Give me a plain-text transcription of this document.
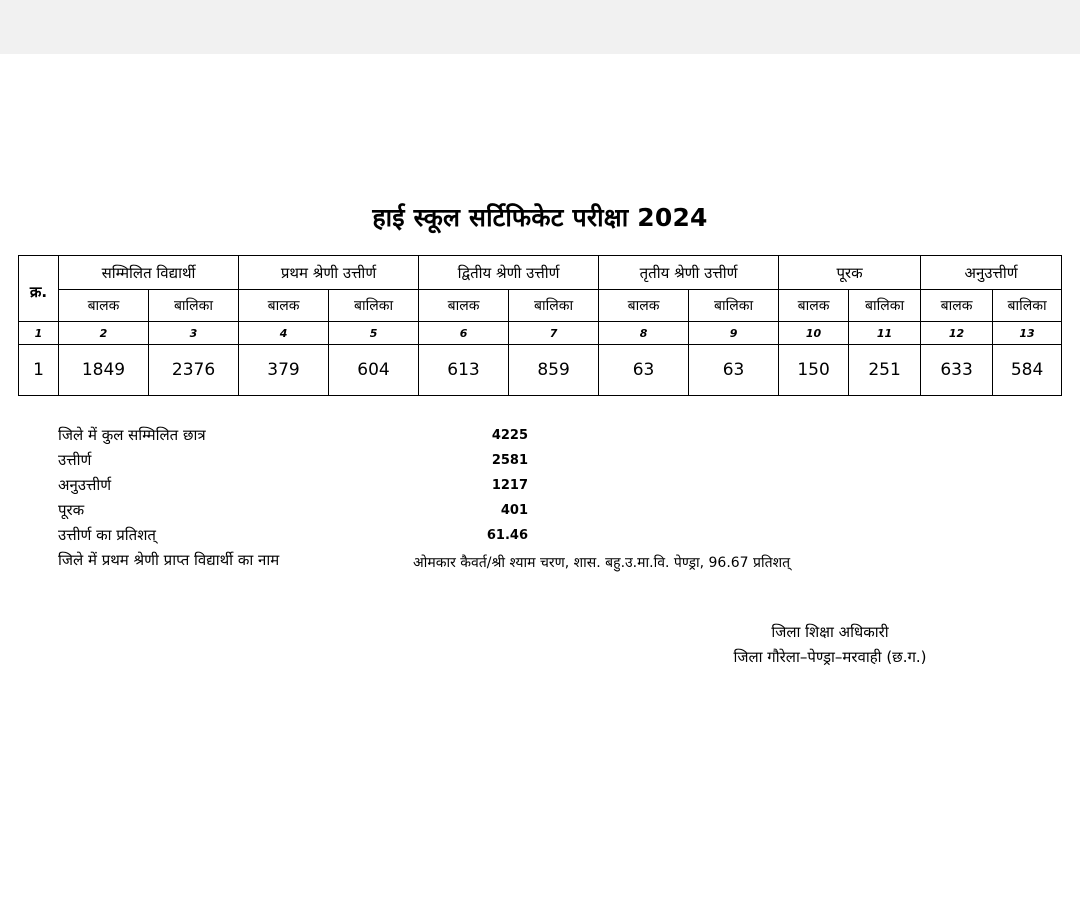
हाई स्कूल सर्टिफिकेट परीक्षा 2024
क्र.	सम्मिलित विद्यार्थी		प्रथम श्रेणी उत्तीर्ण		द्वितीय श्रेणी उत्तीर्ण		तृतीय श्रेणी उत्तीर्ण		पूरक		अनुउत्तीर्ण	
	बालक	बालिका	बालक	बालिका	बालक	बालिका	बालक	बालिका	बालक	बालिका	बालक	बालिका
1	2	3	4	5	6	7	8	9	10	11	12	13
1	1849	2376	379	604	613	859	63	63	150	251	633	584
जिले में कुल सम्मिलित छात्र	4225
उत्तीर्ण	2581
अनुउत्तीर्ण	1217
पूरक	401
उत्तीर्ण का प्रतिशत्	61.46
जिले में प्रथम श्रेणी प्राप्त विद्यार्थी का नाम	ओमकार कैवर्त/श्री श्याम चरण, शास. बहु.उ.मा.वि. पेण्ड्रा, 96.67 प्रतिशत्
जिला शिक्षा अधिकारी
जिला गौरेला–पेण्ड्रा–मरवाही (छ.ग.)
